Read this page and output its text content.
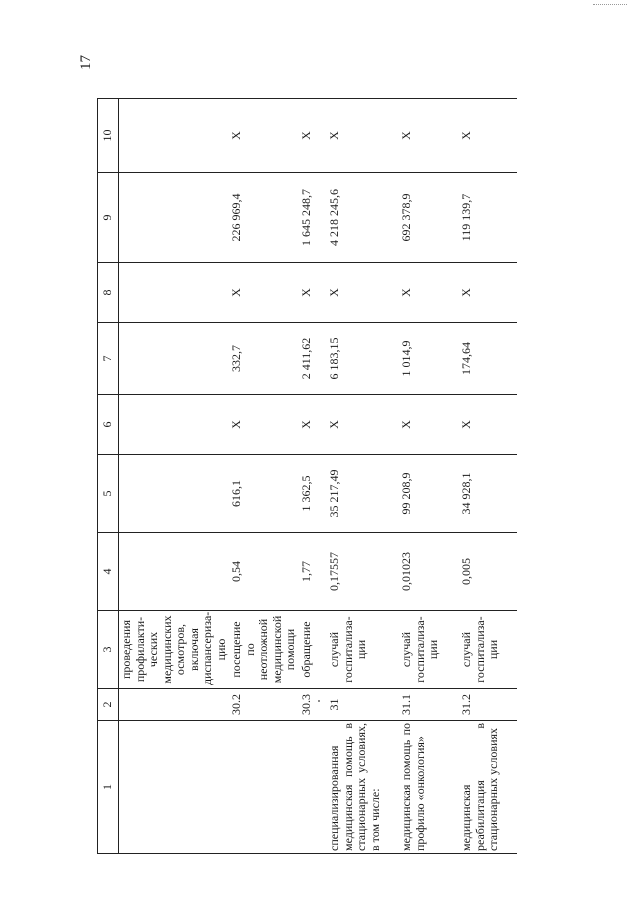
17
1	2	3	4	5	6	7	8	9	10
		проведения профилакти-ческих медицинских осмотров, включая диспансериза-цию							
	30.2	посещение по неотложной медицинской помощи	0,54	616,1	X	332,7	X	226 969,4	X
	30.3	обращение	1,77	1 362,5	X	2 411,62	X	1 645 248,7	X
специализированная медицинская помощь в стационарных условиях, в том числе:	31	случай госпитализа-ции	0,17557	35 217,49	X	6 183,15	X	4 218 245,6	X
медицинская помощь по профилю «онкология»	31.1	случай госпитализа-ции	0,01023	99 208,9	X	1 014,9	X	692 378,9	X
медицинская реабилитация в стационарных условиях	31.2	случай госпитализа-ции	0,005	34 928,1	X	174,64	X	119 139,7	X
